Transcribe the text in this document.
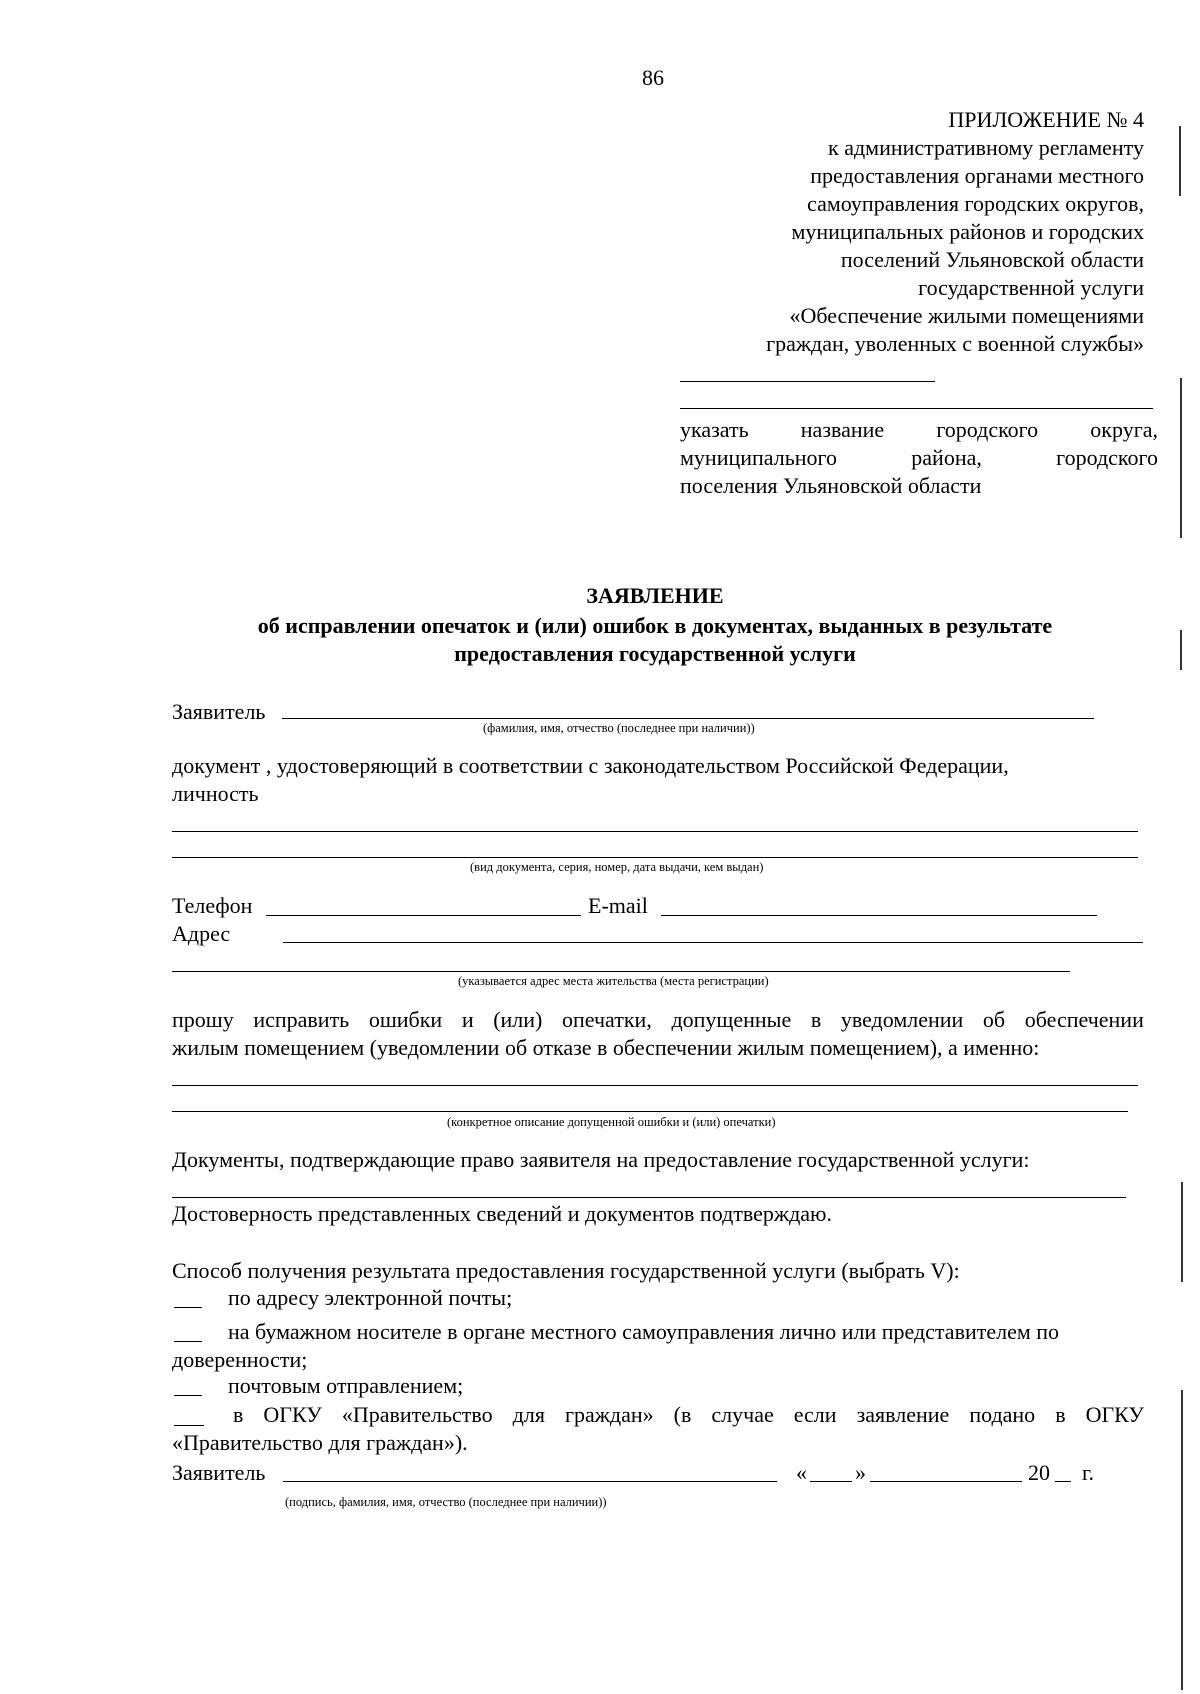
86
ПРИЛОЖЕНИЕ № 4
к административному регламенту
предоставления органами местного
самоуправления городских округов,
муниципальных районов и городских
поселений Ульяновской области
государственной услуги
«Обеспечение жилыми помещениями
граждан, уволенных с военной службы»
указать название городского округа,
муниципального	района,	городского
поселения Ульяновской области
ЗАЯВЛЕНИЕ
об исправлении опечаток и (или) ошибок в документах, выданных в результате
предоставления государственной услуги
Заявитель
(фамилия, имя, отчество (последнее при наличии))
документ , удостоверяющий в соответствии с законодательством Российской Федерации,
личность
(вид документа, серия, номер, дата выдачи, кем выдан)
Телефон	E-mail
Адрес
(указывается адрес места жительства (места регистрации)
прошу исправить ошибки и (или) опечатки, допущенные в уведомлении об обеспечении
жилым помещением (уведомлении об отказе в обеспечении жилым помещением), а именно:
(конкретное описание допущенной ошибки и (или) опечатки)
Документы, подтверждающие право заявителя на предоставление государственной услуги:
Достоверность представленных сведений и документов подтверждаю.
Способ получения результата предоставления государственной услуги (выбрать V):
по адресу электронной почты;
на бумажном носителе в органе местного самоуправления лично или представителем по
доверенности;
почтовым отправлением;
в ОГКУ «Правительство для граждан» (в случае если заявление подано в ОГКУ
«Правительство для граждан»).
Заявитель	« »	20 г.
(подпись, фамилия, имя, отчество (последнее при наличии))
